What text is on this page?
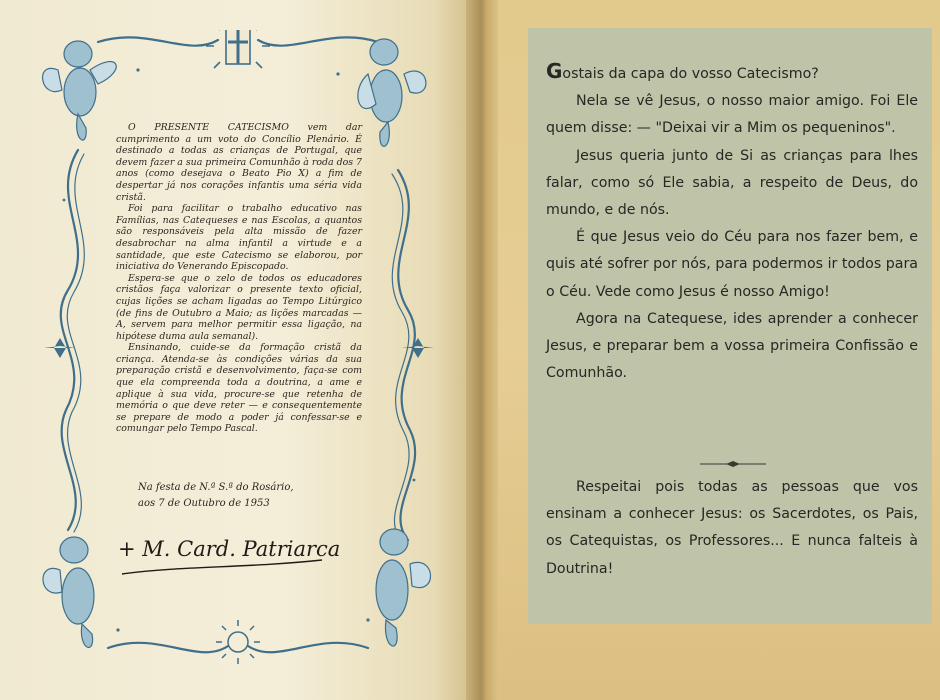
O PRESENTE CATECISMO vem dar cumprimento a um voto do Concílio Plenário. É destinado a todas as crianças de Portugal, que devem fazer a sua primeira Comunhão à roda dos 7 anos (como desejava o Beato Pio X) a fim de despertar já nos corações infantis uma séria vida cristã.

Foi para facilitar o trabalho educativo nas Famílias, nas Catequeses e nas Escolas, a quantos são responsáveis pela alta missão de fazer desabrochar na alma infantil a virtude e a santidade, que este Catecismo se elaborou, por iniciativa do Venerando Episcopado.

Espera-se que o zelo de todos os educadores cristãos faça valorizar o presente texto oficial, cujas lições se acham ligadas ao Tempo Litúrgico (de fins de Outubro a Maio; as lições marcadas — A, servem para melhor permitir essa ligação, na hipótese duma aula semanal).

Ensinando, cuide-se da formação cristã da criança. Atenda-se às condições várias da sua preparação cristã e desenvolvimento, faça-se com que ela compreenda toda a doutrina, a ame e aplique à sua vida, procure-se que retenha de memória o que deve reter — e consequentemente se prepare de modo a poder já confessar-se e comungar pelo Tempo Pascal.

Na festa de N.ª S.ª do Rosário,
aos 7 de Outubro de 1953
+ M. Card. Patriarca

Gostais da capa do vosso Catecismo?

Nela se vê Jesus, o nosso maior amigo. Foi Ele quem disse: — "Deixai vir a Mim os pequeninos".

Jesus queria junto de Si as crianças para lhes falar, como só Ele sabia, a respeito de Deus, do mundo, e de nós.

É que Jesus veio do Céu para nos fazer bem, e quis até sofrer por nós, para podermos ir todos para o Céu. Vede como Jesus é nosso Amigo!

Agora na Catequese, ides aprender a conhecer Jesus, e preparar bem a vossa primeira Confissão e Comunhão.

Respeitai pois todas as pessoas que vos ensinam a conhecer Jesus: os Sacerdotes, os Pais, os Catequistas, os Professores... E nunca falteis à Doutrina!
